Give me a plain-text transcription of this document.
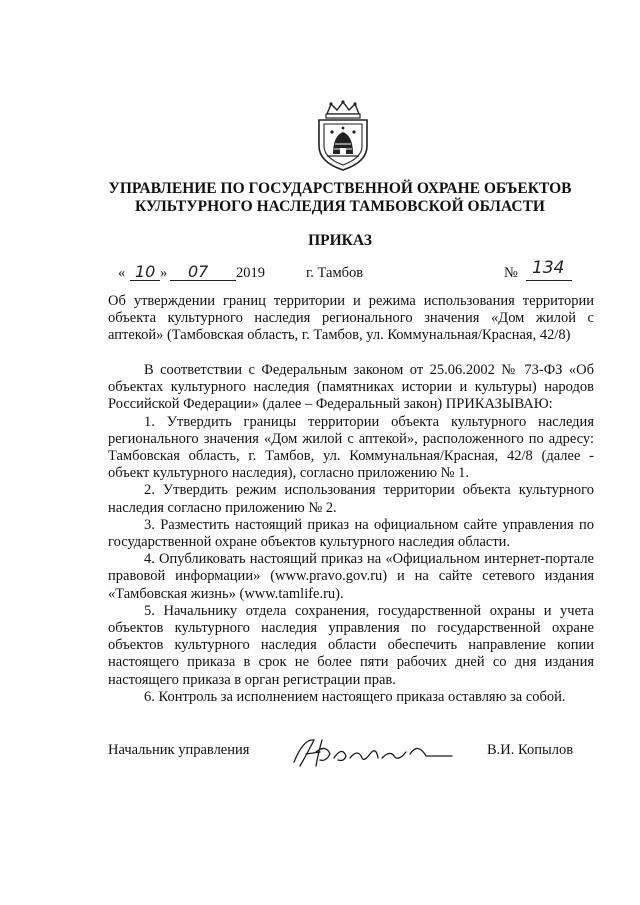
УПРАВЛЕНИЕ ПО ГОСУДАРСТВЕННОЙ ОХРАНЕ ОБЪЕКТОВ
КУЛЬТУРНОГО НАСЛЕДИЯ ТАМБОВСКОЙ ОБЛАСТИ
ПРИКАЗ
« 10 » 07 2019	г. Тамбов	№ 134
Об утверждении границ территории и режима использования территории объекта культурного наследия регионального значения «Дом жилой с аптекой» (Тамбовская область, г. Тамбов, ул. Коммунальная/Красная, 42/8)

В соответствии с Федеральным законом от 25.06.2002 № 73-ФЗ «Об объектах культурного наследия (памятниках истории и культуры) народов Российской Федерации» (далее – Федеральный закон) ПРИКАЗЫВАЮ:

1. Утвердить границы территории объекта культурного наследия регионального значения «Дом жилой с аптекой», расположенного по адресу: Тамбовская область, г. Тамбов, ул. Коммунальная/Красная, 42/8 (далее - объект культурного наследия), согласно приложению № 1.

2. Утвердить режим использования территории объекта культурного наследия согласно приложению № 2.

3. Разместить настоящий приказ на официальном сайте управления по государственной охране объектов культурного наследия области.

4. Опубликовать настоящий приказ на «Официальном интернет-портале правовой информации» (www.pravo.gov.ru) и на сайте сетевого издания «Тамбовская жизнь» (www.tamlife.ru).

5. Начальнику отдела сохранения, государственной охраны и учета объектов культурного наследия управления по государственной охране объектов культурного наследия области обеспечить направление копии настоящего приказа в срок не более пяти рабочих дней со дня издания настоящего приказа в орган регистрации прав.

6. Контроль за исполнением настоящего приказа оставляю за собой.

Начальник управления	В.И. Копылов
